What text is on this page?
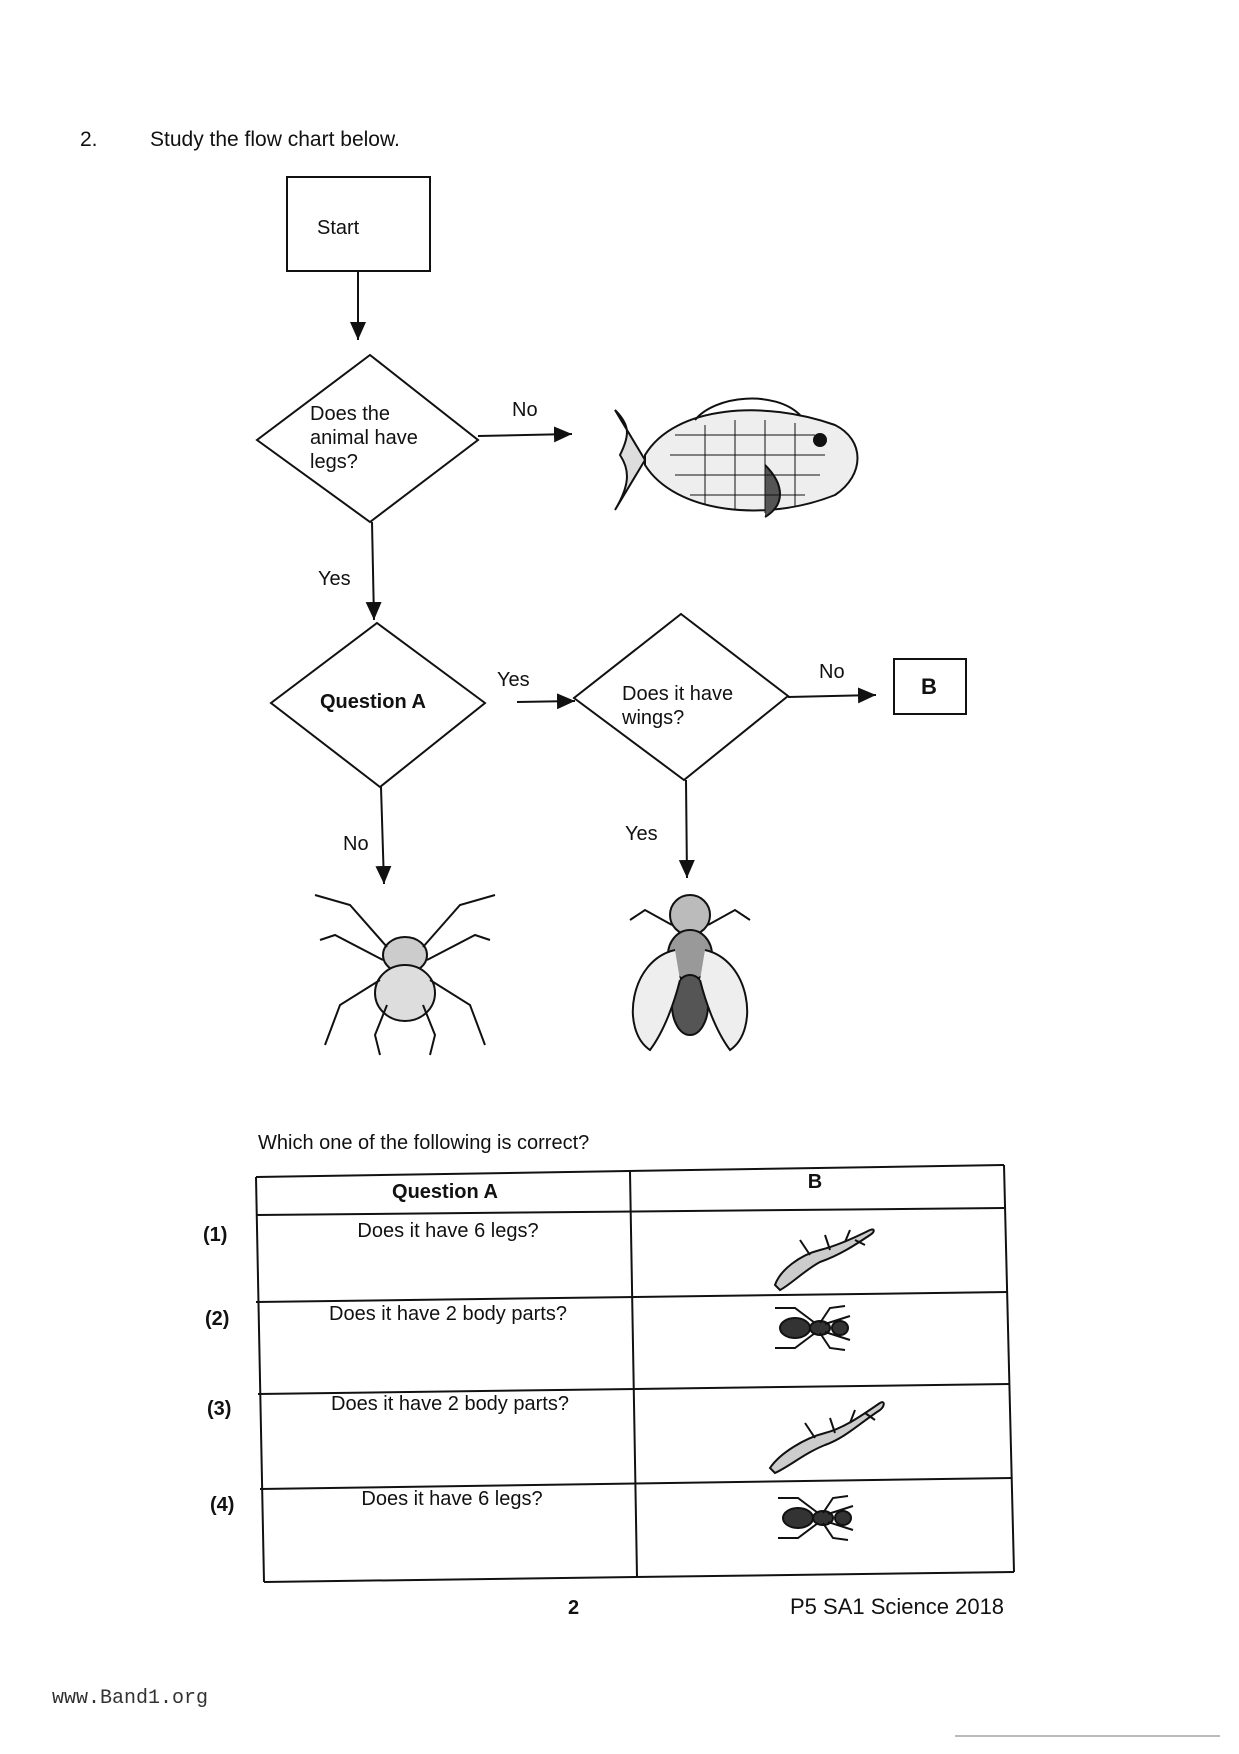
2. Study the flow chart below.
Start
Does the animal have legs?
No
Yes
Question A
Yes
No
Does it have wings?
No
Yes
B
Which one of the following is correct?
Question A	B
(1)	Does it have 6 legs?
(2)	Does it have 2 body parts?
(3)	Does it have 2 body parts?
(4)	Does it have 6 legs?
2	P5 SA1 Science 2018
www.Band1.org
